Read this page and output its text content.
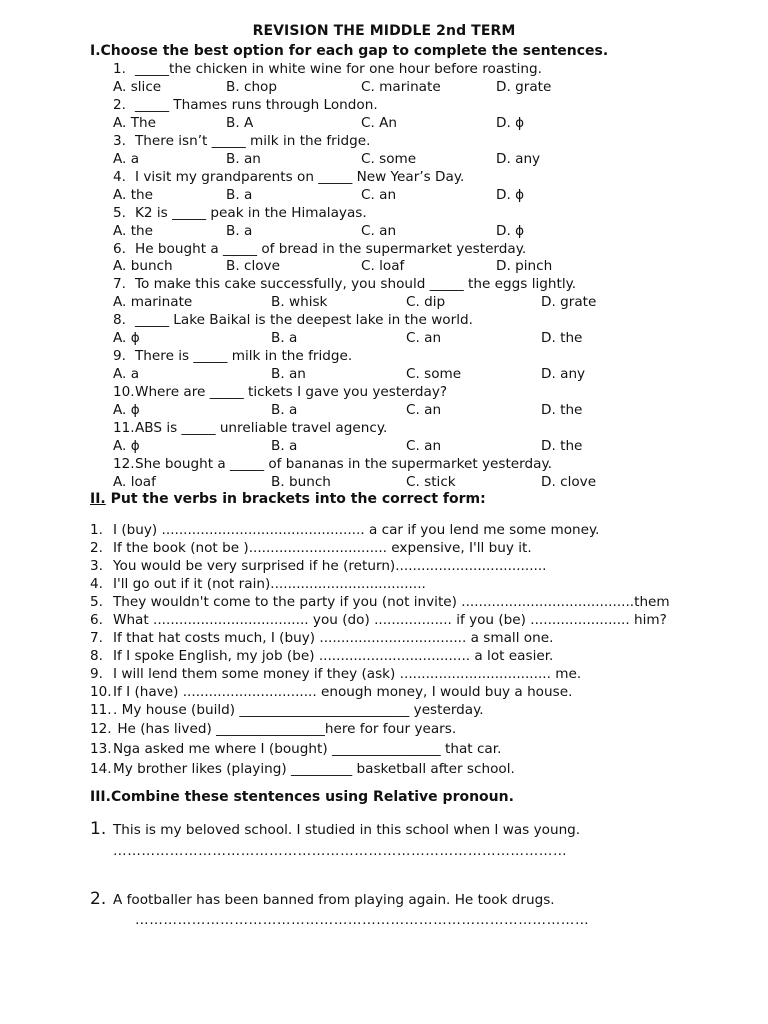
REVISION THE MIDDLE 2nd TERM
I.Choose the best option for each gap to complete the sentences.
1. _____the chicken in white wine for one hour before roasting.
A. slice	B. chop	C. marinate	D. grate
2. _____ Thames runs through London.
A. The	B. A	C. An	D. ϕ
3. There isn’t _____ milk in the fridge.
A. a	B. an	C. some	D. any
4. I visit my grandparents on _____ New Year’s Day.
A. the	B. a	C. an	D. ϕ
5. K2 is _____ peak in the Himalayas.
A. the	B. a	C. an	D. ϕ
6. He bought a _____ of bread in the supermarket yesterday.
A. bunch	B. clove	C. loaf	D. pinch
7. To make this cake successfully, you should _____ the eggs lightly.
A. marinate	B. whisk	C. dip	D. grate
8. _____ Lake Baikal is the deepest lake in the world.
A. ϕ	B. a	C. an	D. the
9. There is _____ milk in the fridge.
A. a	B. an	C. some	D. any
10.Where are _____ tickets I gave you yesterday?
A. ϕ	B. a	C. an	D. the
11.ABS is _____ unreliable travel agency.
A. ϕ	B. a	C. an	D. the
12.She bought a _____ of bananas in the supermarket yesterday.
A. loaf	B. bunch	C. stick	D. clove
II. Put the verbs in brackets into the correct form:
1. I (buy) ............................................... a car if you lend me some money.
2. If the book (not be )................................ expensive, I'll buy it.
3. You would be very surprised if he (return)...................................
4. I'll go out if it (not rain)....................................
5. They wouldn't come to the party if you (not invite) ........................................them
6. What .................................... you (do) .................. if you (be) ....................... him?
7. If that hat costs much, I (buy) .................................. a small one.
8. If I spoke English, my job (be) ................................... a lot easier.
9. I will lend them some money if they (ask) ................................... me.
10.If I (have) ............................... enough money, I would buy a house.
11.. My house (build) _________________________ yesterday.
12. He (has lived) ________________here for four years.
13.Nga asked me where I (bought) ________________ that car.
14.My brother likes (playing) _________ basketball after school.
III.Combine these stentences using Relative pronoun.
1. This is my beloved school. I studied in this school when I was young.
……………………………………………………………………………………
2. A footballer has been banned from playing again. He took drugs.
……………………………………………………………………………………
